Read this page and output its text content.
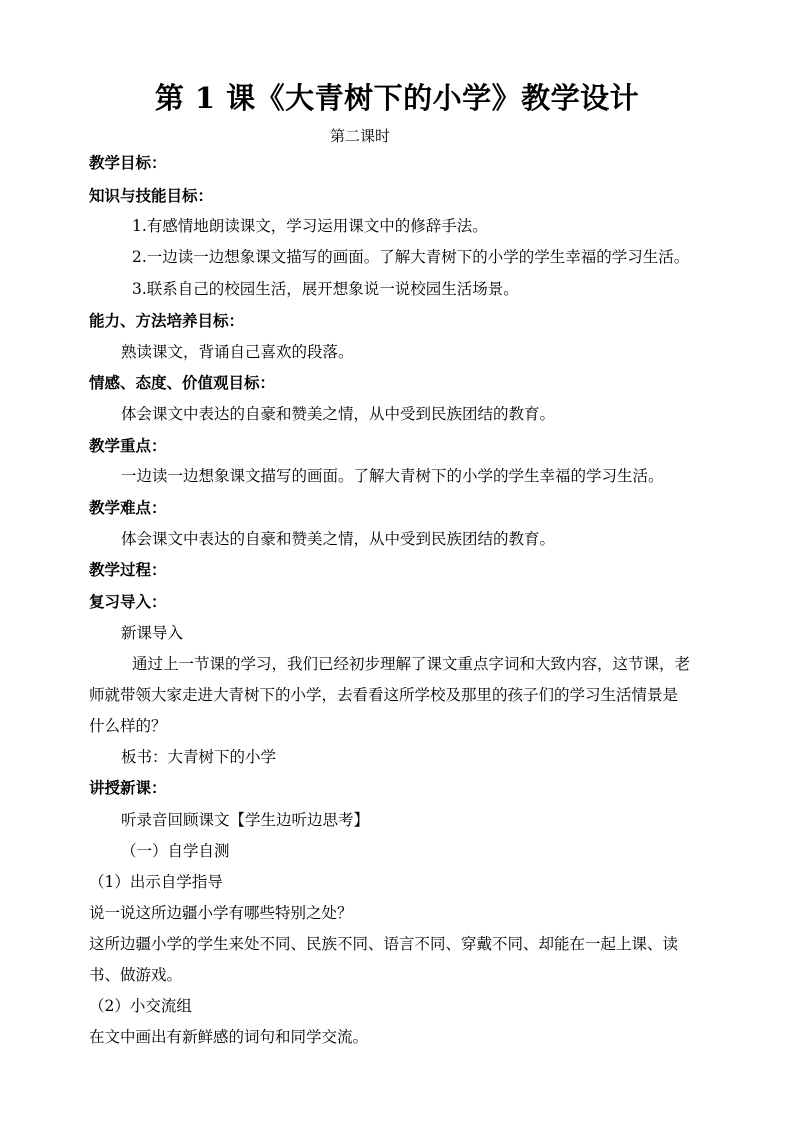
第 1 课《大青树下的小学》教学设计
第二课时
教学目标：
知识与技能目标：
1.有感情地朗读课文，学习运用课文中的修辞手法。
2.一边读一边想象课文描写的画面。了解大青树下的小学的学生幸福的学习生活。
3.联系自己的校园生活，展开想象说一说校园生活场景。
能力、方法培养目标：
熟读课文，背诵自己喜欢的段落。
情感、态度、价值观目标：
体会课文中表达的自豪和赞美之情，从中受到民族团结的教育。
教学重点：
一边读一边想象课文描写的画面。了解大青树下的小学的学生幸福的学习生活。
教学难点：
体会课文中表达的自豪和赞美之情，从中受到民族团结的教育。
教学过程：
复习导入：
新课导入
通过上一节课的学习，我们已经初步理解了课文重点字词和大致内容，这节课，老
师就带领大家走进大青树下的小学，去看看这所学校及那里的孩子们的学习生活情景是
什么样的？
板书：大青树下的小学
讲授新课：
听录音回顾课文【学生边听边思考】
（一）自学自测
（1）出示自学指导
说一说这所边疆小学有哪些特别之处？
这所边疆小学的学生来处不同、民族不同、语言不同、穿戴不同、却能在一起上课、读
书、做游戏。
（2）小交流组
在文中画出有新鲜感的词句和同学交流。
